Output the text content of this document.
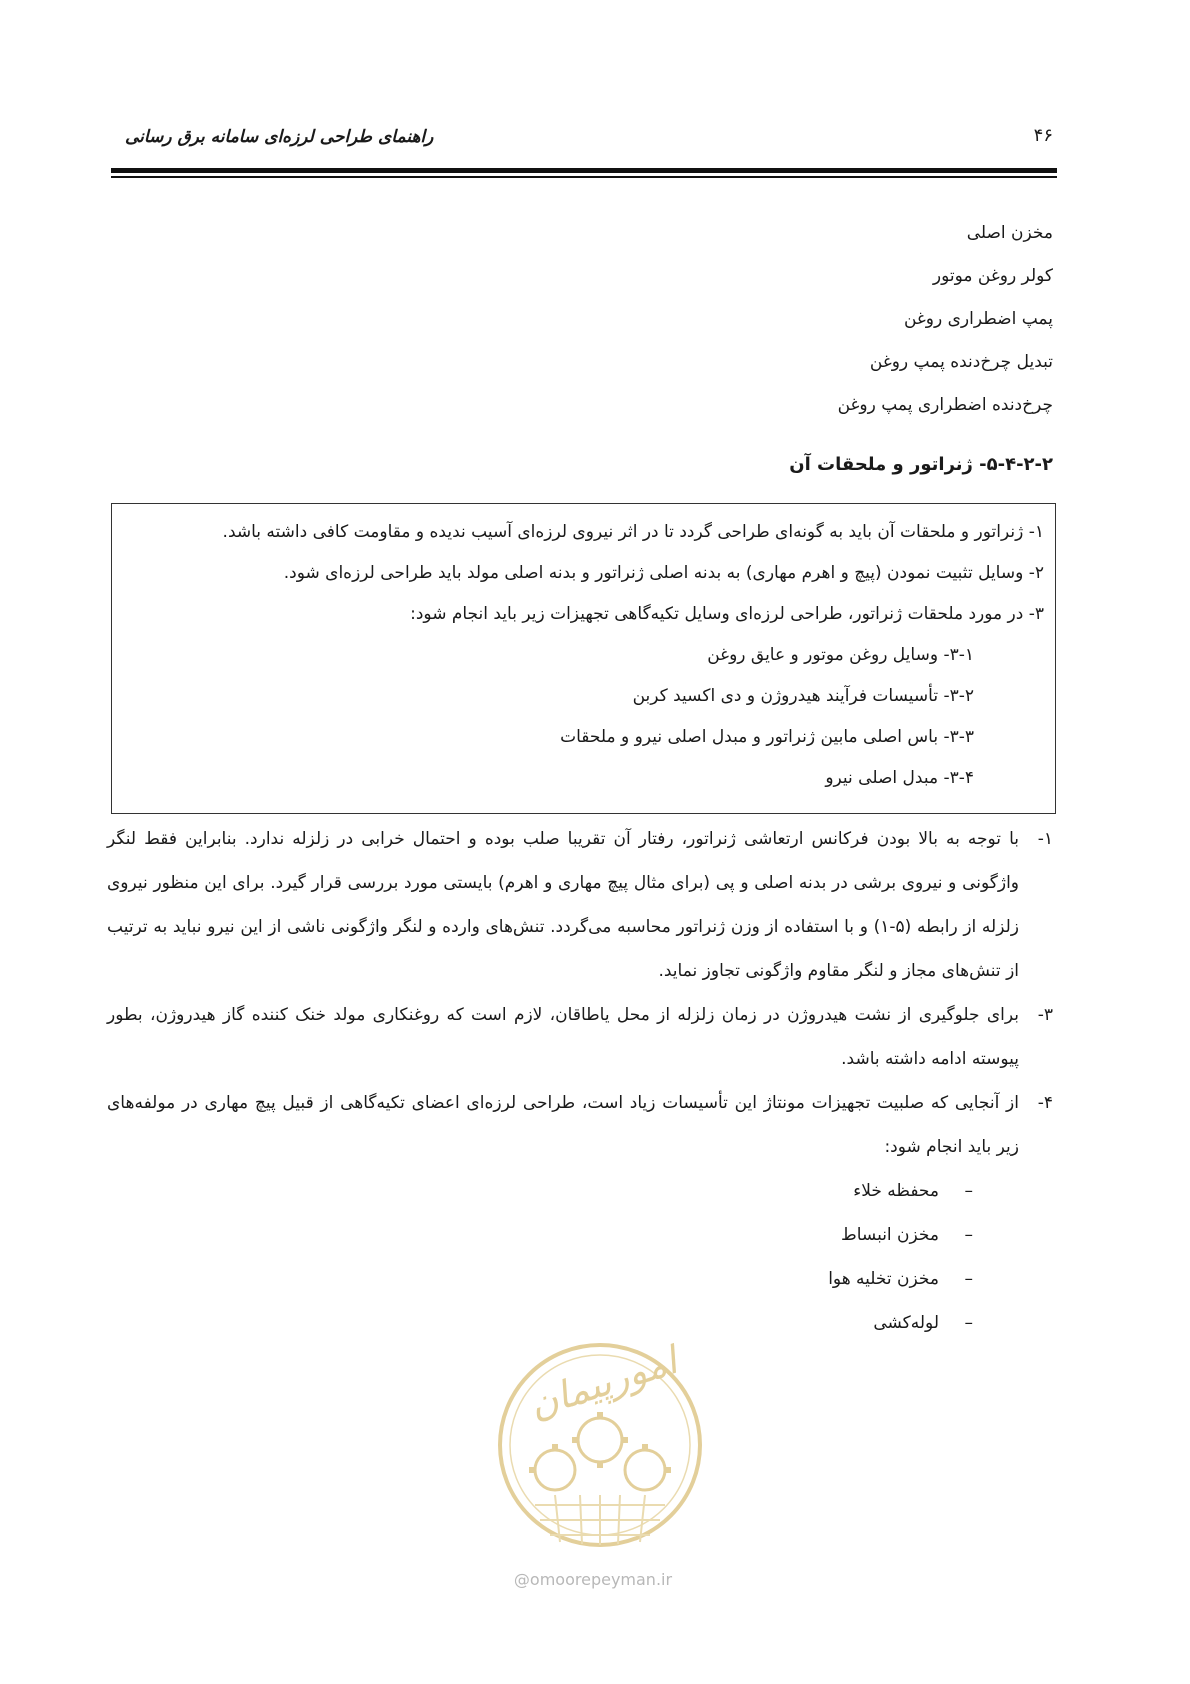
راهنمای طراحی لرزه‌ای سامانه برق رسانی	۴۶
مخزن اصلی
کولر روغن موتور
پمپ اضطراری روغن
تبدیل چرخ‌دنده پمپ روغن
چرخ‌دنده اضطراری پمپ روغن
۵-۴-۲-۲- ژنراتور و ملحقات آن
۱- ژنراتور و ملحقات آن باید به گونه‌ای طراحی گردد تا در اثر نیروی لرزه‌ای آسیب ندیده و مقاومت کافی داشته باشد.
۲- وسایل تثبیت نمودن (پیچ و اهرم مهاری) به بدنه اصلی ژنراتور و بدنه اصلی مولد باید طراحی لرزه‌ای شود.
۳- در مورد ملحقات ژنراتور، طراحی لرزه‌ای وسایل تکیه‌گاهی تجهیزات زیر باید انجام شود:
۳-۱- وسایل روغن موتور و عایق روغن
۳-۲- تأسیسات فرآیند هیدروژن و دی اکسید کربن
۳-۳- باس اصلی مابین ژنراتور و مبدل اصلی نیرو و ملحقات
۳-۴- مبدل اصلی نیرو

۱-
با توجه به بالا بودن فرکانس ارتعاشی ژنراتور، رفتار آن تقریبا صلب بوده و احتمال خرابی در زلزله ندارد. بنابراین فقط لنگر واژگونی و نیروی برشی در بدنه اصلی و پی (برای مثال پیچ مهاری و اهرم) بایستی مورد بررسی قرار گیرد. برای این منظور نیروی زلزله از رابطه (۵-۱) و با استفاده از وزن ژنراتور محاسبه می‌گردد. تنش‌های وارده و لنگر واژگونی ناشی از این نیرو نباید به ترتیب از تنش‌های مجاز و لنگر مقاوم واژگونی تجاوز نماید.

۳-
برای جلوگیری از نشت هیدروژن در زمان زلزله از محل یاطاقان، لازم است که روغنکاری مولد خنک کننده گاز هیدروژن، بطور پیوسته ادامه داشته باشد.

۴-
از آنجایی که صلبیت تجهیزات مونتاژ این تأسیسات زیاد است، طراحی لرزه‌ای اعضای تکیه‌گاهی از قبیل پیچ مهاری در مولفه‌های زیر باید انجام شود:

–محفظه خلاء
–مخزن انبساط
–مخزن تخلیه هوا
–لوله‌کشی
امورپیمان
@omoorepeyman.ir
